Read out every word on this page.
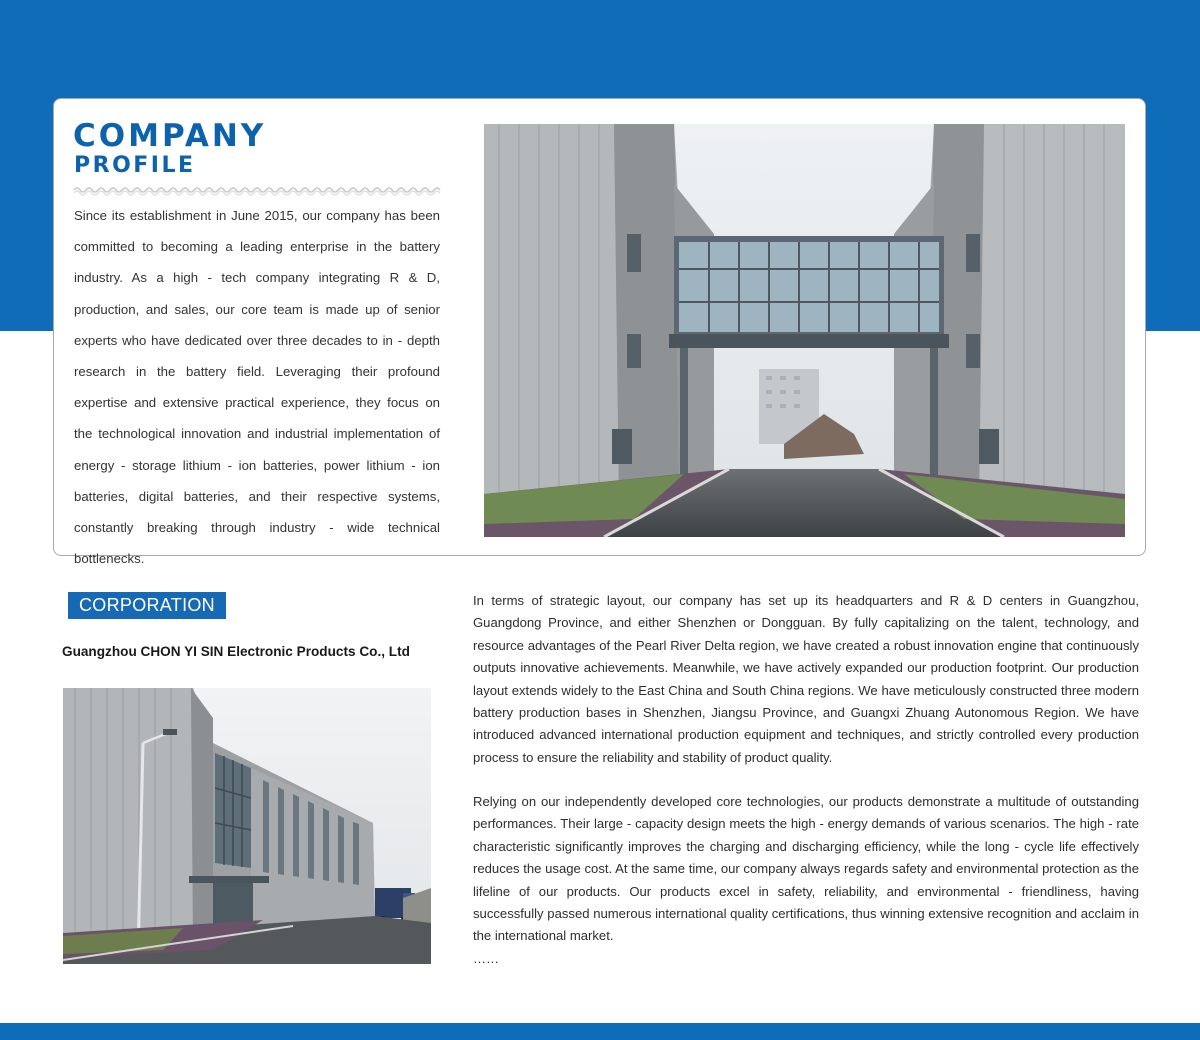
COMPANY
PROFILE

Since its establishment in June 2015, our company has been committed to becoming a leading enterprise in the battery industry. As a high - tech company integrating R & D, production, and sales, our core team is made up of senior experts who have dedicated over three decades to in - depth research in the battery field. Leveraging their profound expertise and extensive practical experience, they focus on the technological innovation and industrial implementation of energy - storage lithium - ion batteries, power lithium - ion batteries, digital batteries, and their respective systems, constantly breaking through industry - wide technical bottlenecks.

CORPORATION

Guangzhou CHON YI SIN Electronic Products Co., Ltd

In terms of strategic layout, our company has set up its headquarters and R & D centers in Guangzhou, Guangdong Province, and either Shenzhen or Dongguan. By fully capitalizing on the talent, technology, and resource advantages of the Pearl River Delta region, we have created a robust innovation engine that continuously outputs innovative achievements. Meanwhile, we have actively expanded our production footprint. Our production layout extends widely to the East China and South China regions. We have meticulously constructed three modern battery production bases in Shenzhen, Jiangsu Province, and Guangxi Zhuang Autonomous Region. We have introduced advanced international production equipment and techniques, and strictly controlled every production process to ensure the reliability and stability of product quality.

Relying on our independently developed core technologies, our products demonstrate a multitude of outstanding performances. Their large - capacity design meets the high - energy demands of various scenarios. The high - rate characteristic significantly improves the charging and discharging efficiency, while the long - cycle life effectively reduces the usage cost. At the same time, our company always regards safety and environmental protection as the lifeline of our products. Our products excel in safety, reliability, and environmental - friendliness, having successfully passed numerous international quality certifications, thus winning extensive recognition and acclaim in the international market.

……
